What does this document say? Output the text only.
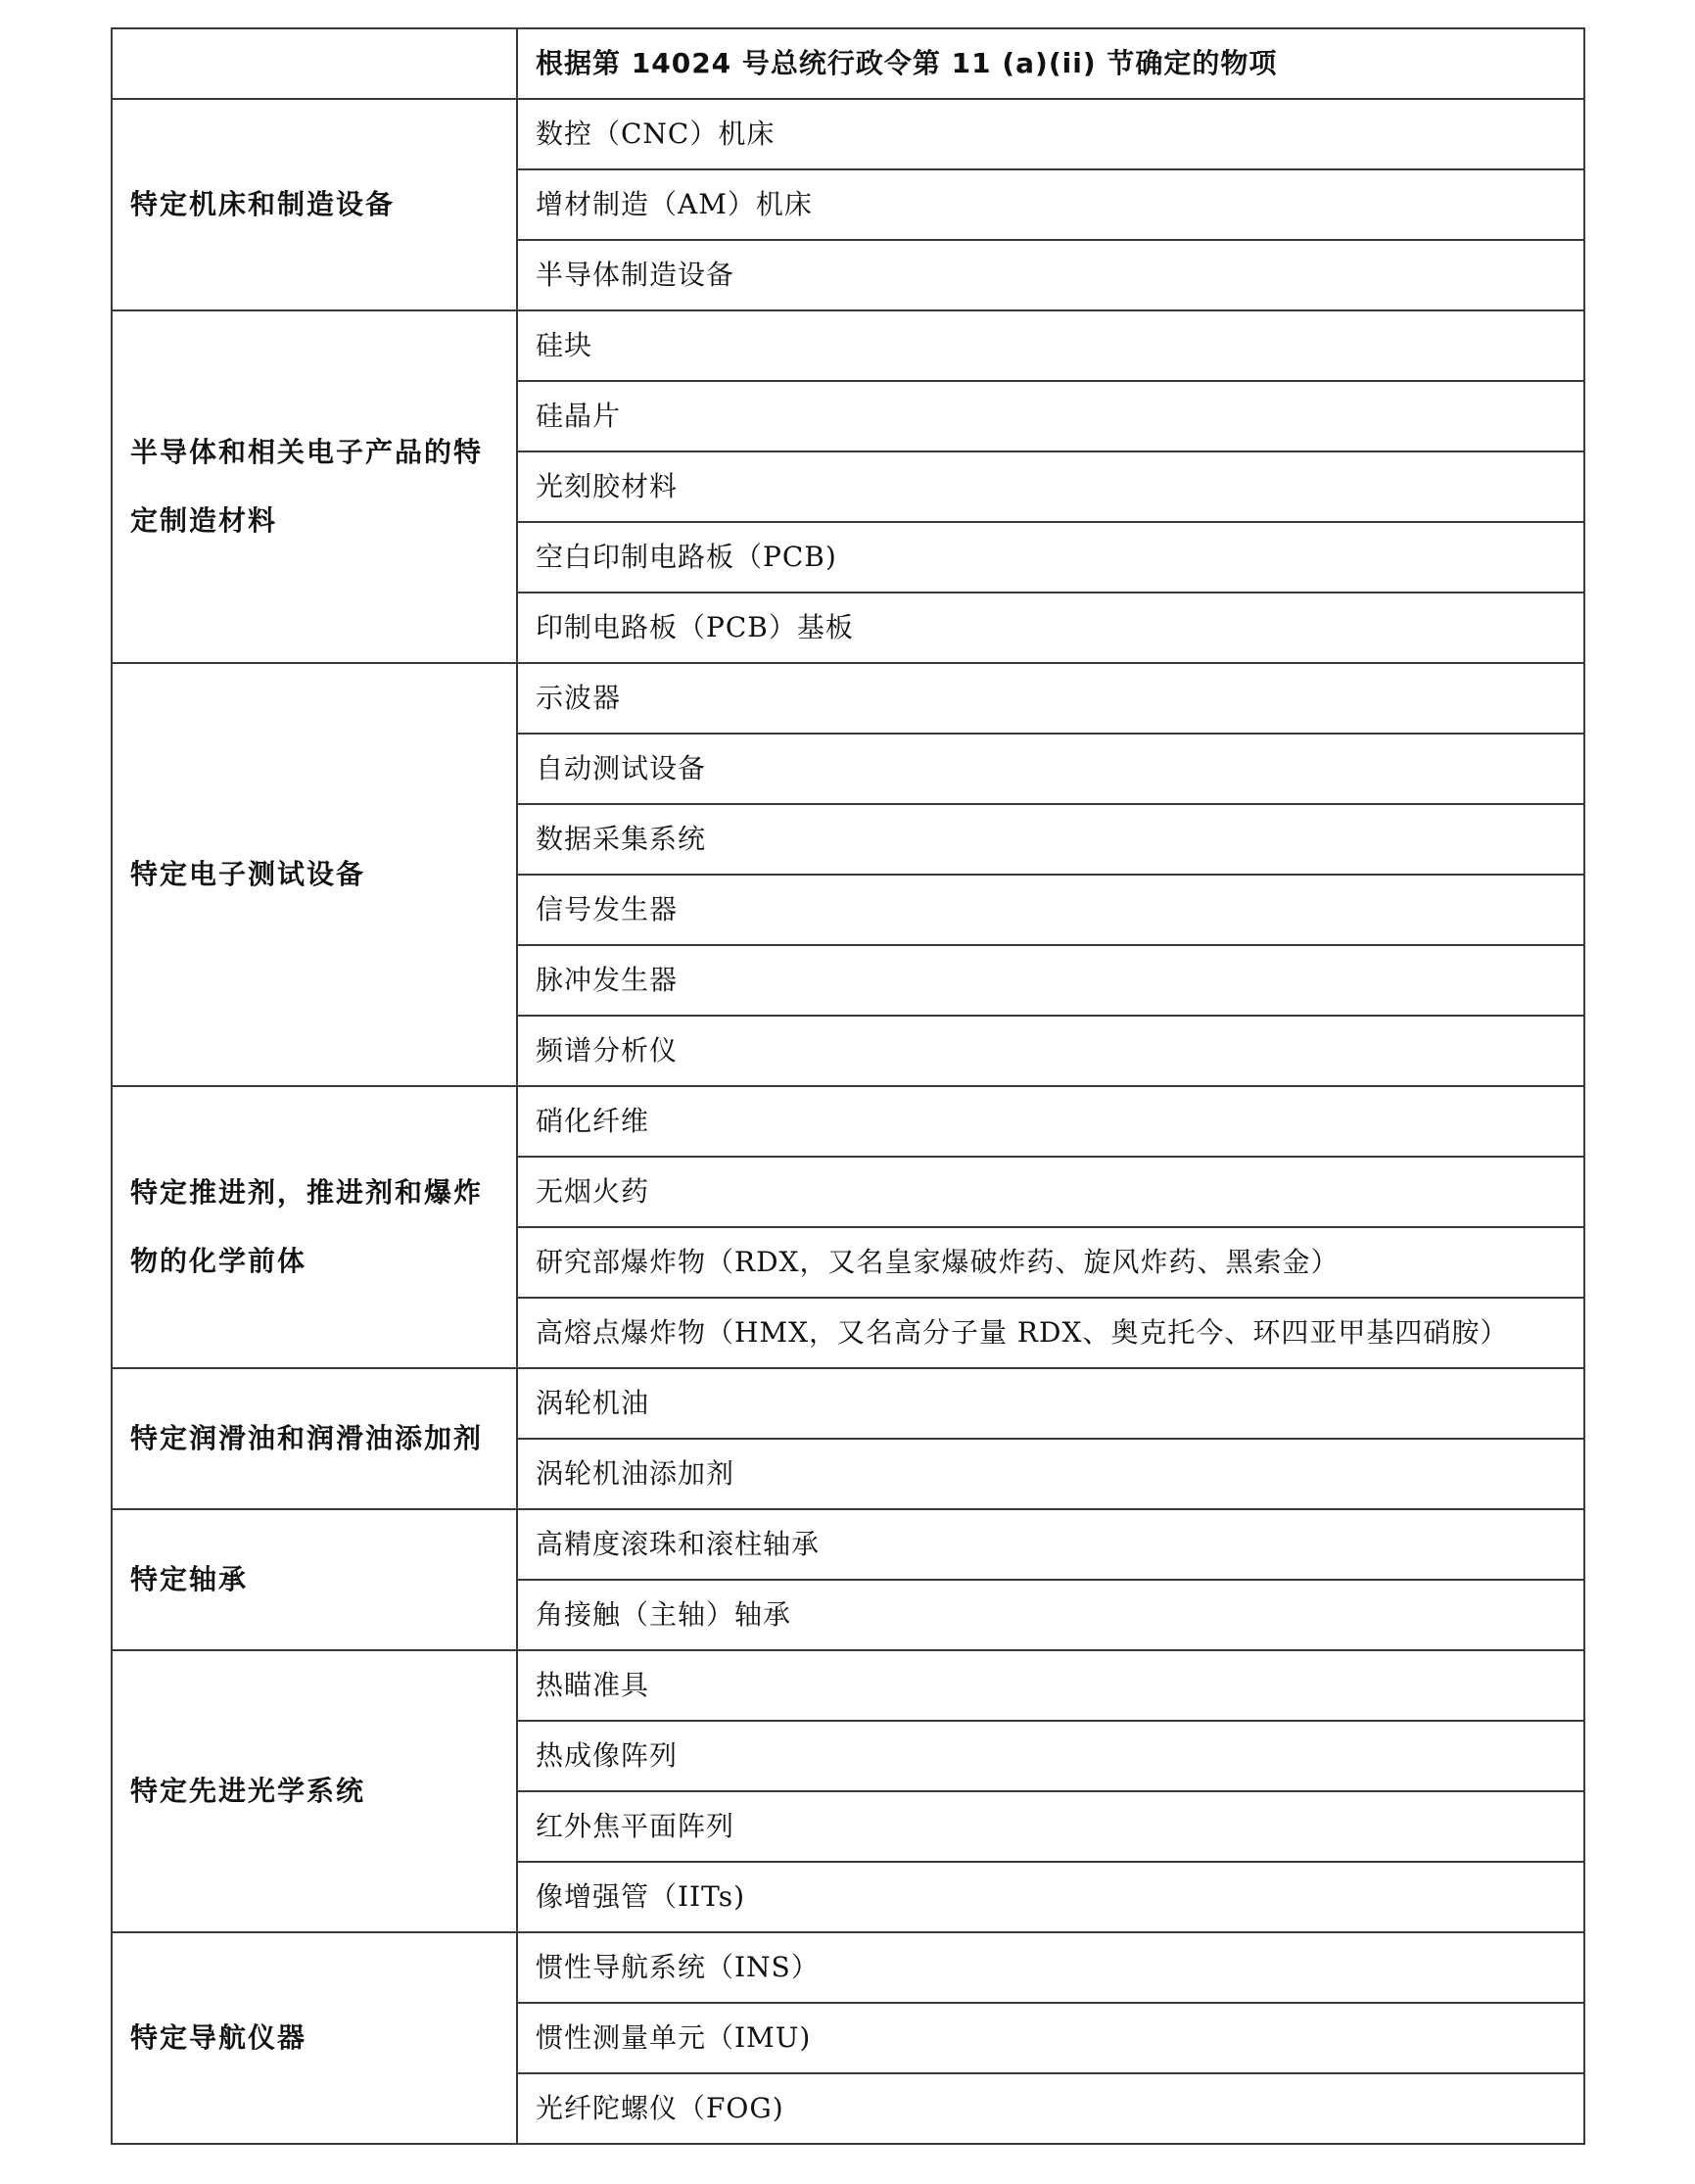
	根据第 14024 号总统行政令第 11 (a)(ii) 节确定的物项
特定机床和制造设备	数控（CNC）机床
	增材制造（AM）机床
	半导体制造设备
半导体和相关电子产品的特定制造材料	硅块
	硅晶片
	光刻胶材料
	空白印制电路板（PCB)
	印制电路板（PCB）基板
特定电子测试设备	示波器
	自动测试设备
	数据采集系统
	信号发生器
	脉冲发生器
	频谱分析仪
特定推进剂，推进剂和爆炸物的化学前体	硝化纤维
	无烟火药
	研究部爆炸物（RDX，又名皇家爆破炸药、旋风炸药、黑索金）
	高熔点爆炸物（HMX，又名高分子量 RDX、奥克托今、环四亚甲基四硝胺）
特定润滑油和润滑油添加剂	涡轮机油
	涡轮机油添加剂
特定轴承	高精度滚珠和滚柱轴承
	角接触（主轴）轴承
特定先进光学系统	热瞄准具
	热成像阵列
	红外焦平面阵列
	像增强管（IITs)
特定导航仪器	惯性导航系统（INS）
	惯性测量单元（IMU)
	光纤陀螺仪（FOG)
